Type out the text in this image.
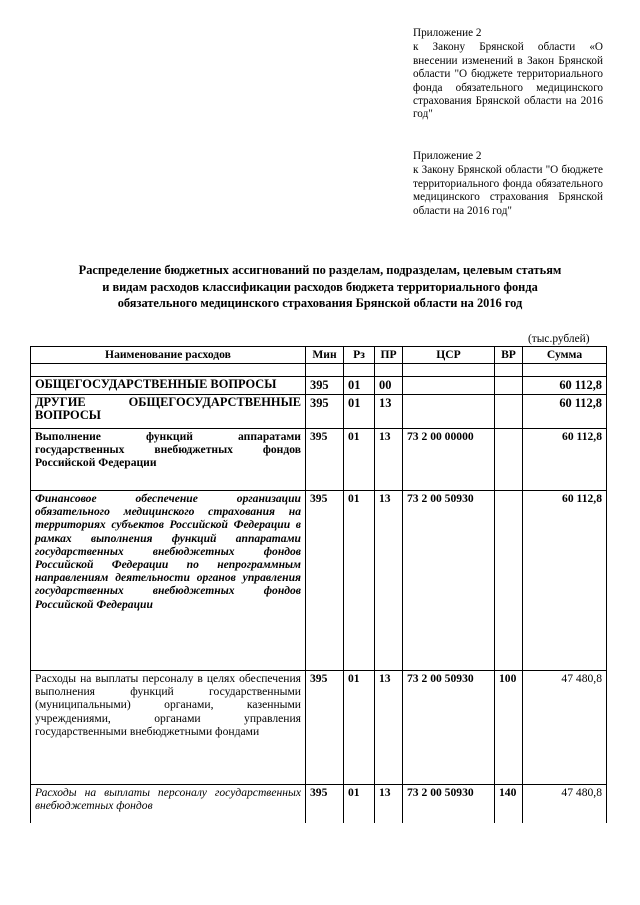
Приложение 2
к Закону Брянской области «О внесении изменений в Закон Брянской области "О бюджете территориального фонда обязательного медицинского страхования Брянской области на 2016 год"
Приложение 2
к Закону Брянской области "О бюджете территориального фонда обязательного медицинского страхования Брянской области на 2016 год"
Распределение бюджетных ассигнований по разделам, подразделам, целевым статьям
и видам расходов классификации расходов бюджета территориального фонда
обязательного медицинского страхования Брянской области на 2016 год
(тыс.рублей)
Наименование расходов	Мин	Рз	ПР	ЦСР	ВР	Сумма

ОБЩЕГОСУДАРСТВЕННЫЕ ВОПРОСЫ	395	01	00			60 112,8
ДРУГИЕ ОБЩЕГОСУДАРСТВЕННЫЕ ВОПРОСЫ	395	01	13			60 112,8
Выполнение функций аппаратами государственных внебюджетных фондов Российской Федерации	395	01	13	73 2 00 00000		60 112,8
Финансовое обеспечение организации обязательного медицинского страхования на территориях субъектов Российской Федерации в рамках выполнения функций аппаратами государственных внебюджетных фондов Российской Федерации по непрограммным направлениям деятельности органов управления государственных внебюджетных фондов Российской Федерации	395	01	13	73 2 00 50930		60 112,8
Расходы на выплаты персоналу в целях обеспечения выполнения функций государственными (муниципальными) органами, казенными учреждениями, органами управления государственными внебюджетными фондами	395	01	13	73 2 00 50930	100	47 480,8
Расходы на выплаты персоналу государственных внебюджетных фондов	395	01	13	73 2 00 50930	140	47 480,8
